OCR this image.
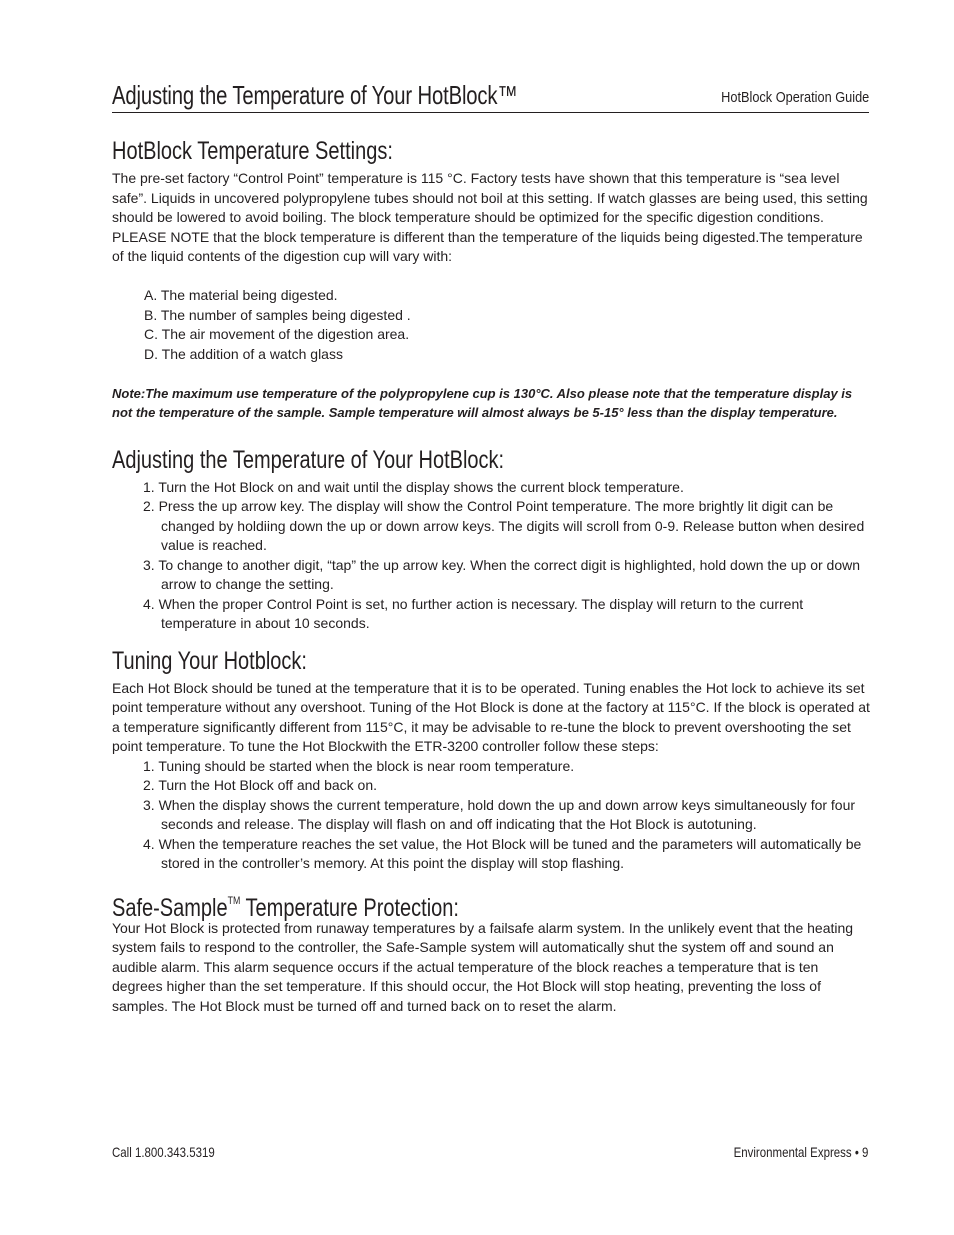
Adjusting the Temperature of Your HotBlock™	HotBlock Operation Guide
HotBlock Temperature Settings:

The pre-set factory “Control Point” temperature is 115 °C. Factory tests have shown that this temperature is “sea level safe”. Liquids in uncovered polypropylene tubes should not boil at this setting. If watch glasses are being used, this setting should be lowered to avoid boiling. The block temperature should be optimized for the specific digestion conditions. PLEASE NOTE that the block temperature is different than the temperature of the liquids being digested.The temperature of the liquid contents of the digestion cup will vary with:

A. The material being digested.
B. The number of samples being digested .
C. The air movement of the digestion area.
D. The addition of a watch glass

Note:The maximum use temperature of the polypropylene cup is 130°C. Also please note that the temperature display is not the temperature of the sample. Sample temperature will almost always be 5-15° less than the display temperature.

Adjusting the Temperature of Your HotBlock:
1. Turn the Hot Block on and wait until the display shows the current block temperature.
2. Press the up arrow key. The display will show the Control Point temperature. The more brightly lit digit can be changed by holdiing down the up or down arrow keys. The digits will scroll from 0-9. Release button when desired value is reached.
3. To change to another digit, “tap” the up arrow key. When the correct digit is highlighted, hold down the up or down arrow to change the setting.
4. When the proper Control Point is set, no further action is necessary. The display will return to the current temperature in about 10 seconds.
Tuning Your Hotblock:

Each Hot Block should be tuned at the temperature that it is to be operated. Tuning enables the Hot lock to achieve its set point temperature without any overshoot. Tuning of the Hot Block is done at the factory at 115°C. If the block is operated at a temperature significantly different from 115°C, it may be advisable to re-tune the block to prevent overshooting the set point temperature. To tune the Hot Blockwith the ETR-3200 controller follow these steps:

1. Tuning should be started when the block is near room temperature.
2. Turn the Hot Block off and back on.
3. When the display shows the current temperature, hold down the up and down arrow keys simultaneously for four seconds and release. The display will flash on and off indicating that the Hot Block is autotuning.
4. When the temperature reaches the set value, the Hot Block will be tuned and the parameters will automatically be stored in the controller’s memory. At this point the display will stop flashing.
Safe-Sample™ Temperature Protection:

Your Hot Block is protected from runaway temperatures by a failsafe alarm system. In the unlikely event that the heating system fails to respond to the controller, the Safe-Sample system will automatically shut the system off and sound an audible alarm. This alarm sequence occurs if the actual temperature of the block reaches a temperature that is ten degrees higher than the set temperature. If this should occur, the Hot Block will stop heating, preventing the loss of samples. The Hot Block must be turned off and turned back on to reset the alarm.

Call 1.800.343.5319	Environmental Express • 9
